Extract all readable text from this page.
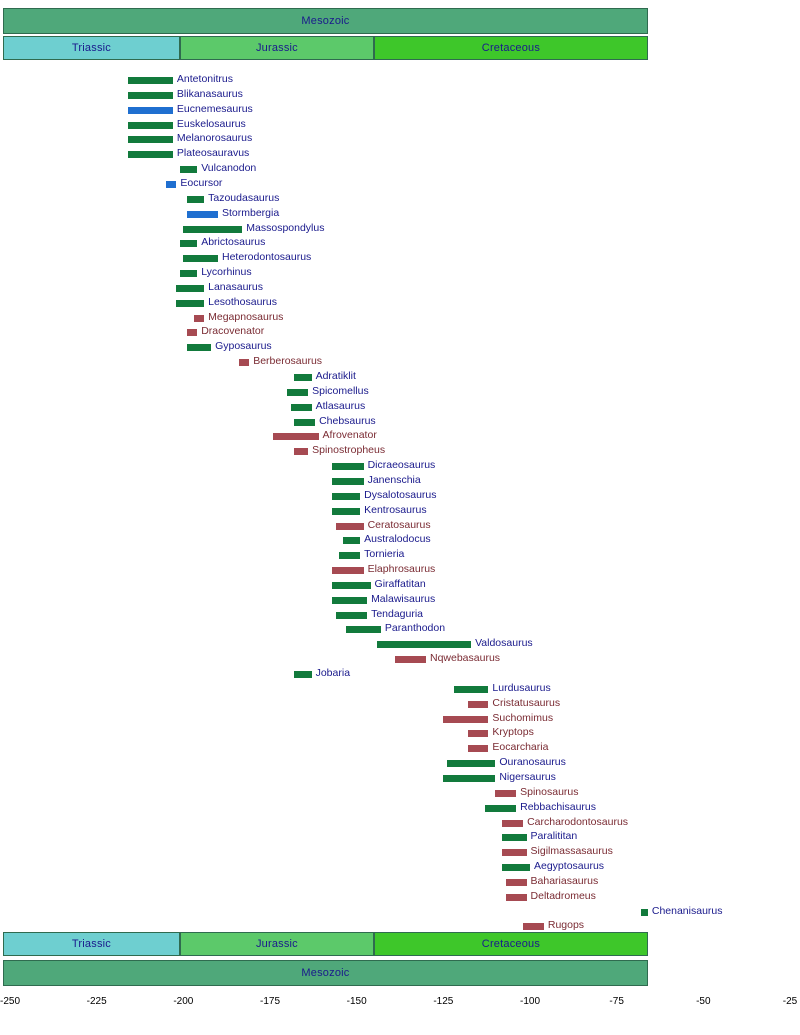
Mesozoic
Triassic	Jurassic	Cretaceous
Antetonitrus
Blikanasaurus
Eucnemesaurus
Euskelosaurus
Melanorosaurus
Plateosauravus
Vulcanodon
Eocursor
Tazoudasaurus
Stormbergia
Massospondylus
Abrictosaurus
Heterodontosaurus
Lycorhinus
Lanasaurus
Lesothosaurus
Megapnosaurus
Dracovenator
Gyposaurus
Berberosaurus
Adratiklit
Spicomellus
Atlasaurus
Chebsaurus
Afrovenator
Spinostropheus
Dicraeosaurus
Janenschia
Dysalotosaurus
Kentrosaurus
Ceratosaurus
Australodocus
Tornieria
Elaphrosaurus
Giraffatitan
Malawisaurus
Tendaguria
Paranthodon
Valdosaurus
Nqwebasaurus
Jobaria
Lurdusaurus
Cristatusaurus
Suchomimus
Kryptops
Eocarcharia
Ouranosaurus
Nigersaurus
Spinosaurus
Rebbachisaurus
Carcharodontosaurus
Paralititan
Sigilmassasaurus
Aegyptosaurus
Bahariasaurus
Deltadromeus
Chenanisaurus
Rugops
Triassic	Jurassic	Cretaceous
Mesozoic
-250	-225	-200	-175	-150	-125	-100	-75	-50	-25
